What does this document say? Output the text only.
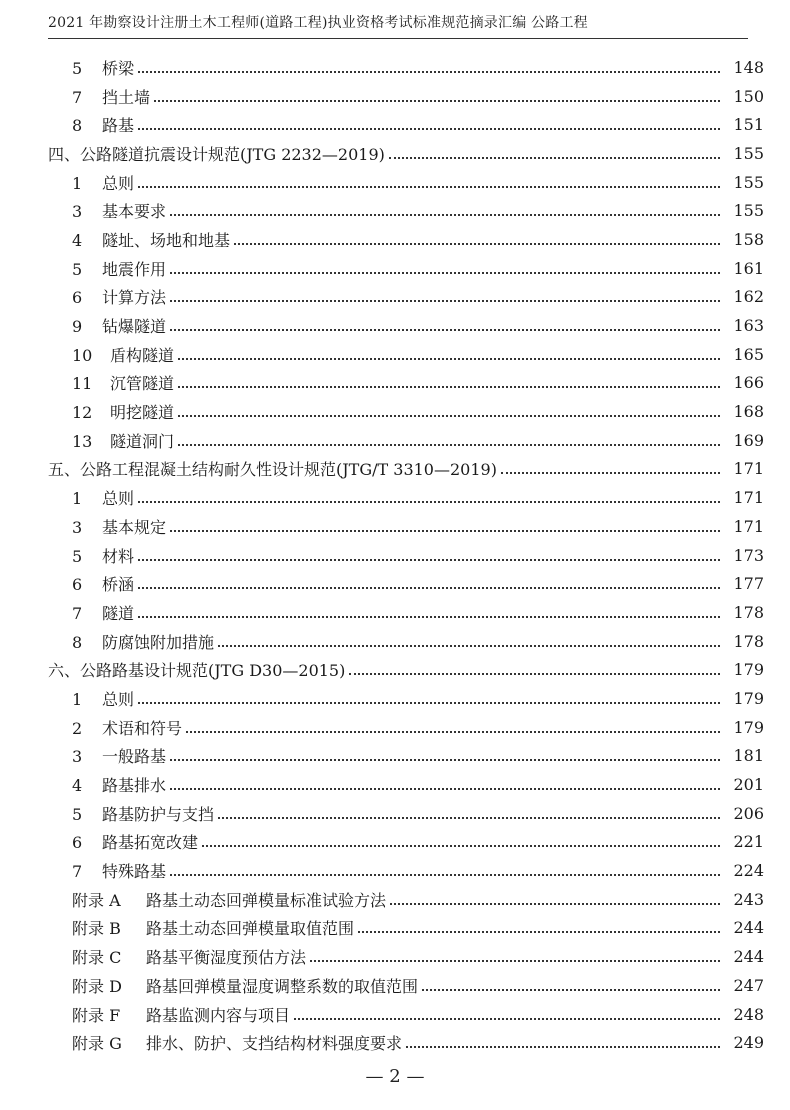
2021 年勘察设计注册土木工程师(道路工程)执业资格考试标准规范摘录汇编 公路工程
5 桥梁	148
7 挡土墙	150
8 路基	151
四、公路隧道抗震设计规范(JTG 2232—2019)	155
1 总则	155
3 基本要求	155
4 隧址、场地和地基	158
5 地震作用	161
6 计算方法	162
9 钻爆隧道	163
10 盾构隧道	165
11 沉管隧道	166
12 明挖隧道	168
13 隧道洞门	169
五、公路工程混凝土结构耐久性设计规范(JTG/T 3310—2019)	171
1 总则	171
3 基本规定	171
5 材料	173
6 桥涵	177
7 隧道	178
8 防腐蚀附加措施	178
六、公路路基设计规范(JTG D30—2015)	179
1 总则	179
2 术语和符号	179
3 一般路基	181
4 路基排水	201
5 路基防护与支挡	206
6 路基拓宽改建	221
7 特殊路基	224
附录 A 路基土动态回弹模量标准试验方法	243
附录 B 路基土动态回弹模量取值范围	244
附录 C 路基平衡湿度预估方法	244
附录 D 路基回弹模量湿度调整系数的取值范围	247
附录 F 路基监测内容与项目	248
附录 G 排水、防护、支挡结构材料强度要求	249
— 2 —
